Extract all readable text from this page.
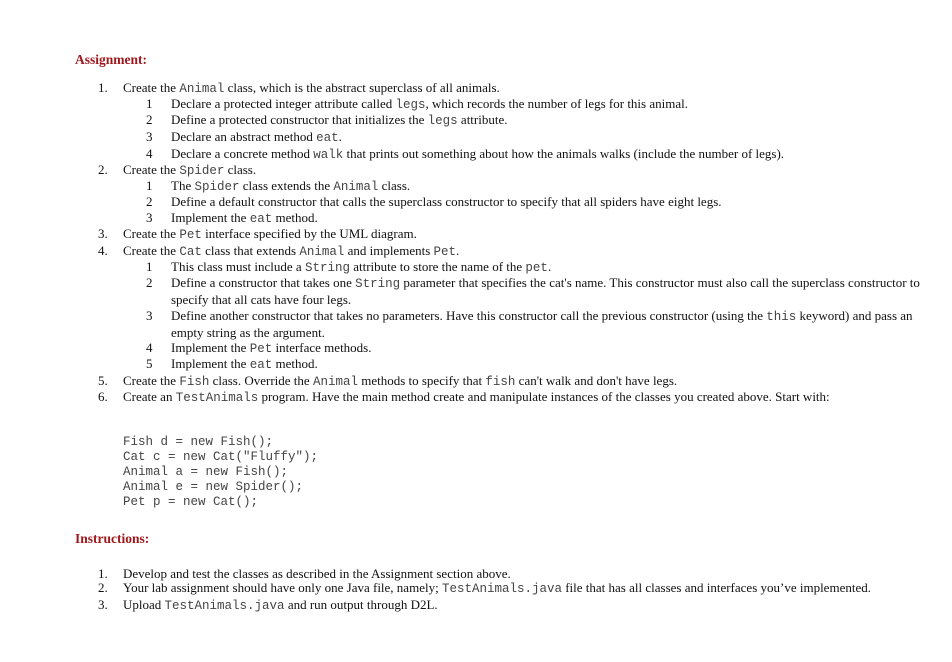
Assignment:
1. Create the Animal class, which is the abstract superclass of all animals.
1	Declare a protected integer attribute called legs, which records the number of legs for this animal.
2	Define a protected constructor that initializes the legs attribute.
3	Declare an abstract method eat.
4	Declare a concrete method walk that prints out something about how the animals walks (include the number of legs).
2. Create the Spider class.
1	The Spider class extends the Animal class.
2	Define a default constructor that calls the superclass constructor to specify that all spiders have eight legs.
3	Implement the eat method.
3. Create the Pet interface specified by the UML diagram.
4. Create the Cat class that extends Animal and implements Pet.
1	This class must include a String attribute to store the name of the pet.
2	Define a constructor that takes one String parameter that specifies the cat's name. This constructor must also call the superclass constructor to specify that all cats have four legs.
3	Define another constructor that takes no parameters. Have this constructor call the previous constructor (using the this keyword) and pass an empty string as the argument.
4	Implement the Pet interface methods.
5	Implement the eat method.
5. Create the Fish class. Override the Animal methods to specify that fish can't walk and don't have legs.
6. Create an TestAnimals program. Have the main method create and manipulate instances of the classes you created above. Start with:

Fish d = new Fish();
Cat c = new Cat("Fluffy");
Animal a = new Fish();
Animal e = new Spider();
Pet p = new Cat();

Instructions:
1. Develop and test the classes as described in the Assignment section above.
2. Your lab assignment should have only one Java file, namely; TestAnimals.java file that has all classes and interfaces you’ve implemented.
3. Upload TestAnimals.java and run output through D2L.
